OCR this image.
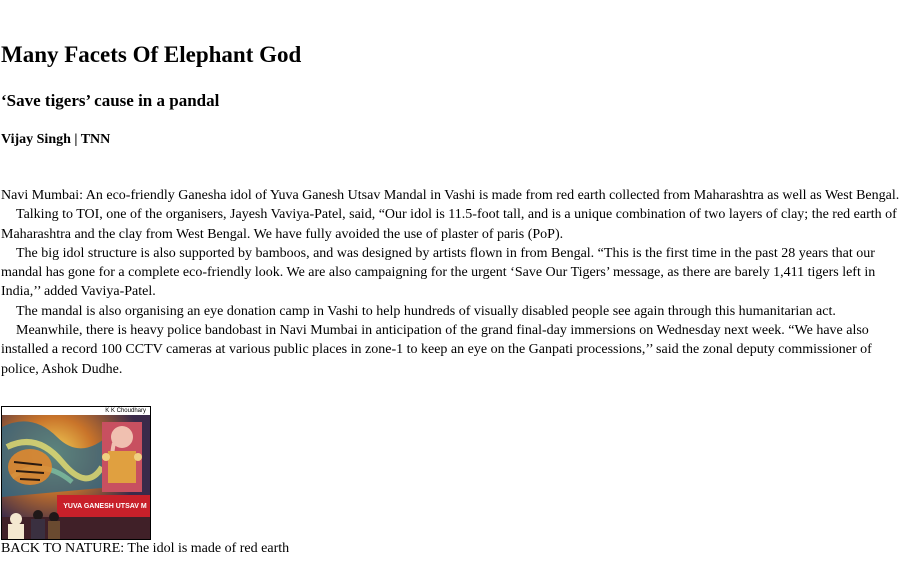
Many Facets Of Elephant God
‘Save tigers’ cause in a pandal
Vijay Singh | TNN

Navi Mumbai: An eco-friendly Ganesha idol of Yuva Ganesh Utsav Mandal in Vashi is made from red earth collected from Maharashtra as well as West Bengal.

Talking to TOI, one of the organisers, Jayesh Vaviya-Patel, said, “Our idol is 11.5-foot tall, and is a unique combination of two layers of clay; the red earth of Maharashtra and the clay from West Bengal. We have fully avoided the use of plaster of paris (PoP).

The big idol structure is also supported by bamboos, and was designed by artists flown in from Bengal. “This is the first time in the past 28 years that our mandal has gone for a complete eco-friendly look. We are also campaigning for the urgent ‘Save Our Tigers’ message, as there are barely 1,411 tigers left in India,’’ added Vaviya-Patel.

The mandal is also organising an eye donation camp in Vashi to help hundreds of visually disabled people see again through this humanitarian act.

Meanwhile, there is heavy police bandobast in Navi Mumbai in anticipation of the grand final-day immersions on Wednesday next week. “We have also installed a record 100 CCTV cameras at various public places in zone-1 to keep an eye on the Ganpati processions,’’ said the zonal deputy commissioner of police, Ashok Dudhe.

K K Choudhary
YUVA GANESH UTSAV M
BACK TO NATURE: The idol is made of red earth
